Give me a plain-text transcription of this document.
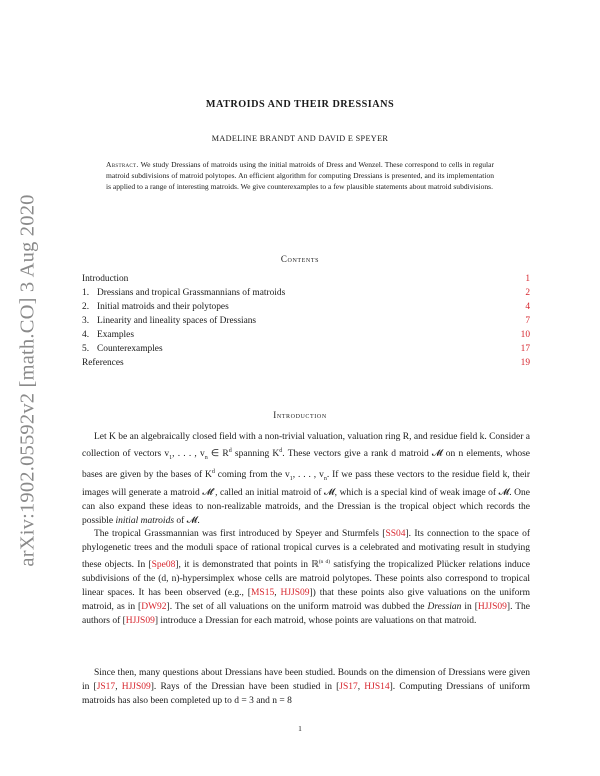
arXiv:1902.05592v2 [math.CO] 3 Aug 2020
MATROIDS AND THEIR DRESSIANS
MADELINE BRANDT AND DAVID E SPEYER
Abstract. We study Dressians of matroids using the initial matroids of Dress and Wenzel. These correspond to cells in regular matroid subdivisions of matroid polytopes. An efficient algorithm for computing Dressians is presented, and its implementation is applied to a range of interesting matroids. We give counterexamples to a few plausible statements about matroid subdivisions.
Contents
Introduction	1
1. Dressians and tropical Grassmannians of matroids	2
2. Initial matroids and their polytopes	4
3. Linearity and lineality spaces of Dressians	7
4. Examples	10
5. Counterexamples	17
References	19
Introduction

Let K be an algebraically closed field with a non-trivial valuation, valuation ring R, and residue field k. Consider a collection of vectors $v_1$, . . . , $v_n$ ∈ $R^d$ spanning $K^d$. These vectors give a rank d matroid 𝓜 on n elements, whose bases are given by the bases of $K^d$ coming from the $v_1$, . . . , $v_n$. If we pass these vectors to the residue field k, their images will generate a matroid 𝓜′, called an initial matroid of 𝓜, which is a special kind of weak image of 𝓜. One can also expand these ideas to non-realizable matroids, and the Dressian is the tropical object which records the possible initial matroids of 𝓜.

The tropical Grassmannian was first introduced by Speyer and Sturmfels [SS04]. Its connection to the space of phylogenetic trees and the moduli space of rational tropical curves is a celebrated and motivating result in studying these objects. In [Spe08], it is demonstrated that points in ℝ$^{(n d)}$ satisfying the tropicalized Plücker relations induce subdivisions of the (d, n)-hypersimplex whose cells are matroid polytopes. These points also correspond to tropical linear spaces. It has been observed (e.g., [MS15, HJJS09]) that these points also give valuations on the uniform matroid, as in [DW92]. The set of all valuations on the uniform matroid was dubbed the Dressian in [HJJS09]. The authors of [HJJS09] introduce a Dressian for each matroid, whose points are valuations on that matroid.

Since then, many questions about Dressians have been studied. Bounds on the dimension of Dressians were given in [JS17, HJJS09]. Rays of the Dressian have been studied in [JS17, HJS14]. Computing Dressians of uniform matroids has also been completed up to d = 3 and n = 8

1
